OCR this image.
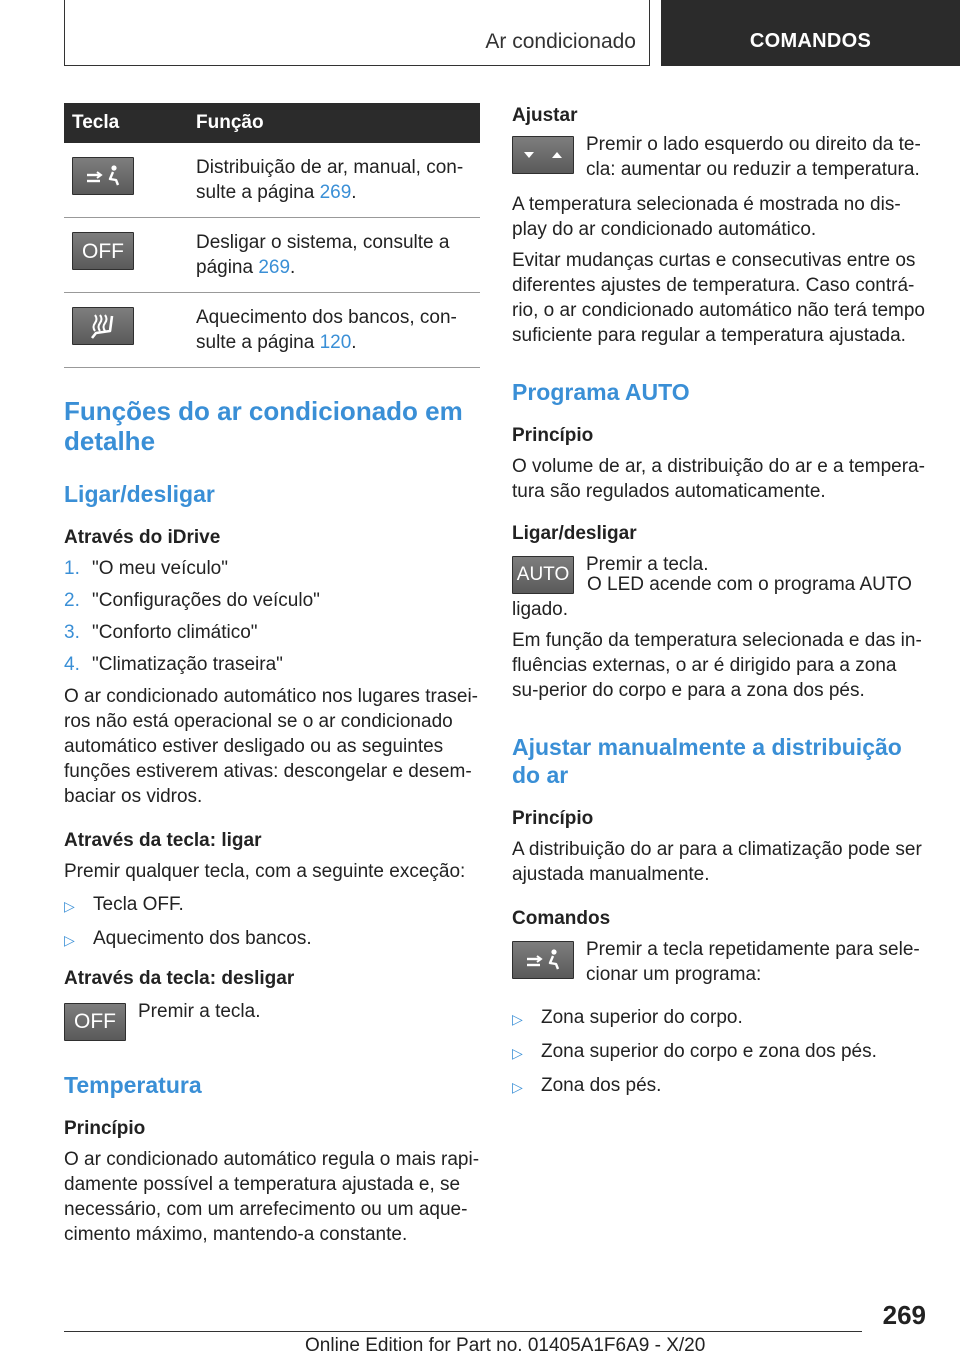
Ar condicionado	COMANDOS
Tecla	Função

	Distribuição de ar, manual, con-sulte a página 269.
OFF	Desligar o sistema, consulte a página 269.

	Aquecimento dos bancos, con-sulte a página 120.
Funções do ar condicionado em detalhe
Ligar/desligar
Através do iDrive
1. "O meu veículo"
2. "Configurações do veículo"
3. "Conforto climático"
4. "Climatização traseira"

O ar condicionado automático nos lugares trasei-ros não está operacional se o ar condicionado automático estiver desligado ou as seguintes funções estiverem ativas: descongelar e desem-baciar os vidros.

Através da tecla: ligar

Premir qualquer tecla, com a seguinte exceção:

▷ Tecla OFF.
▷ Aquecimento dos bancos.
Através da tecla: desligar
OFF	Premir a tecla.
Temperatura
Princípio

O ar condicionado automático regula o mais rapi-damente possível a temperatura ajustada e, se necessário, com um arrefecimento ou um aque-cimento máximo, mantendo-a constante.

Ajustar
Premir o lado esquerdo ou direito da te-cla: aumentar ou reduzir a temperatura.

A temperatura selecionada é mostrada no dis-play do ar condicionado automático.

Evitar mudanças curtas e consecutivas entre os diferentes ajustes de temperatura. Caso contrá-rio, o ar condicionado automático não terá tempo suficiente para regular a temperatura ajustada.

Programa AUTO
Princípio

O volume de ar, a distribuição do ar e a tempera-tura são regulados automaticamente.

Ligar/desligar
AUTO Premir a tecla.

O LED acende com o programa AUTO ligado.

Em função da temperatura selecionada e das in-fluências externas, o ar é dirigido para a zona su-perior do corpo e para a zona dos pés.

Ajustar manualmente a distribuição do ar
Princípio

A distribuição do ar para a climatização pode ser ajustada manualmente.

Comandos
Premir a tecla repetidamente para sele-cionar um programa:
▷ Zona superior do corpo.
▷ Zona superior do corpo e zona dos pés.
▷ Zona dos pés.
269
Online Edition for Part no. 01405A1F6A9 - X/20
